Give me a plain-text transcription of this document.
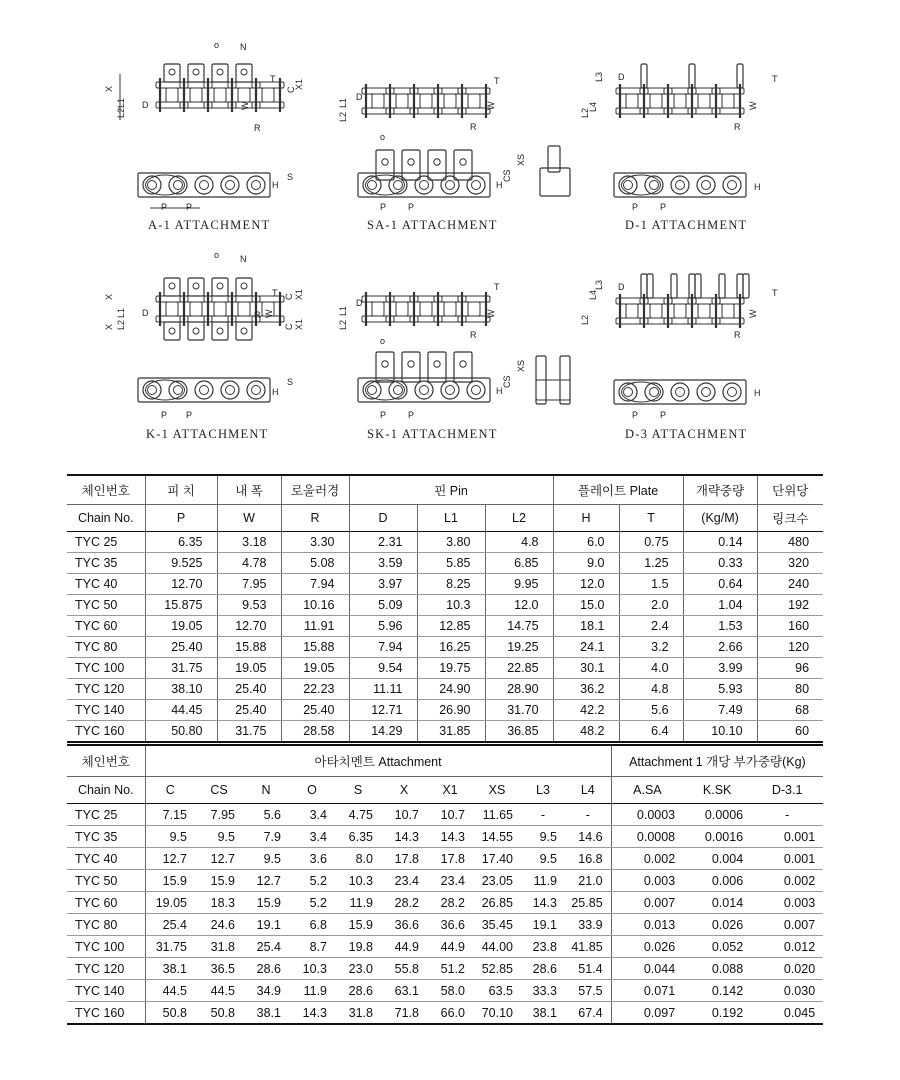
X
L1
L2
D	W
T
C
X1
R
N
o
P P
H
S
L1
L2
D
W
T
R
o
H
CS
XS
P P
L3
L4
L2
D
W
T
R
P P
H
X
X
L1
L2
D	W
T C
C
X1
X1
R
N
o
P P
H
S
L1
L2
D
W
T
R
o
H
CS
XS
P P
L3
L2
L4
D
W
T
R
P P
H
A-1 ATTACHMENT	SA-1 ATTACHMENT	D-1 ATTACHMENT
K-1 ATTACHMENT	SK-1 ATTACHMENT	D-3 ATTACHMENT
체인번호	피 치	내 폭	로울러경	핀 Pin			플레이트 Plate		개략중량	단위당
Chain No.	P	W	R	D	L1	L2	H	T	(Kg/M)	링크수
TYC 25	6.35	3.18	3.30	2.31	3.80	4.8	6.0	0.75	0.14	480
TYC 35	9.525	4.78	5.08	3.59	5.85	6.85	9.0	1.25	0.33	320
TYC 40	12.70	7.95	7.94	3.97	8.25	9.95	12.0	1.5	0.64	240
TYC 50	15.875	9.53	10.16	5.09	10.3	12.0	15.0	2.0	1.04	192
TYC 60	19.05	12.70	11.91	5.96	12.85	14.75	18.1	2.4	1.53	160
TYC 80	25.40	15.88	15.88	7.94	16.25	19.25	24.1	3.2	2.66	120
TYC 100	31.75	19.05	19.05	9.54	19.75	22.85	30.1	4.0	3.99	96
TYC 120	38.10	25.40	22.23	11.11	24.90	28.90	36.2	4.8	5.93	80
TYC 140	44.45	25.40	25.40	12.71	26.90	31.70	42.2	5.6	7.49	68
TYC 160	50.80	31.75	28.58	14.29	31.85	36.85	48.2	6.4	10.10	60
체인번호	아타치멘트 Attachment										Attachment 1 개당 부가중량(Kg)		
Chain No.	C	CS	N	O	S	X	X1	XS	L3	L4	A.SA	K.SK	D-3.1
TYC 25	7.15	7.95	5.6	3.4	4.75	10.7	10.7	11.65	-	-	0.0003	0.0006	-
TYC 35	9.5	9.5	7.9	3.4	6.35	14.3	14.3	14.55	9.5	14.6	0.0008	0.0016	0.001
TYC 40	12.7	12.7	9.5	3.6	8.0	17.8	17.8	17.40	9.5	16.8	0.002	0.004	0.001
TYC 50	15.9	15.9	12.7	5.2	10.3	23.4	23.4	23.05	11.9	21.0	0.003	0.006	0.002
TYC 60	19.05	18.3	15.9	5.2	11.9	28.2	28.2	26.85	14.3	25.85	0.007	0.014	0.003
TYC 80	25.4	24.6	19.1	6.8	15.9	36.6	36.6	35.45	19.1	33.9	0.013	0.026	0.007
TYC 100	31.75	31.8	25.4	8.7	19.8	44.9	44.9	44.00	23.8	41.85	0.026	0.052	0.012
TYC 120	38.1	36.5	28.6	10.3	23.0	55.8	51.2	52.85	28.6	51.4	0.044	0.088	0.020
TYC 140	44.5	44.5	34.9	11.9	28.6	63.1	58.0	63.5	33.3	57.5	0.071	0.142	0.030
TYC 160	50.8	50.8	38.1	14.3	31.8	71.8	66.0	70.10	38.1	67.4	0.097	0.192	0.045
